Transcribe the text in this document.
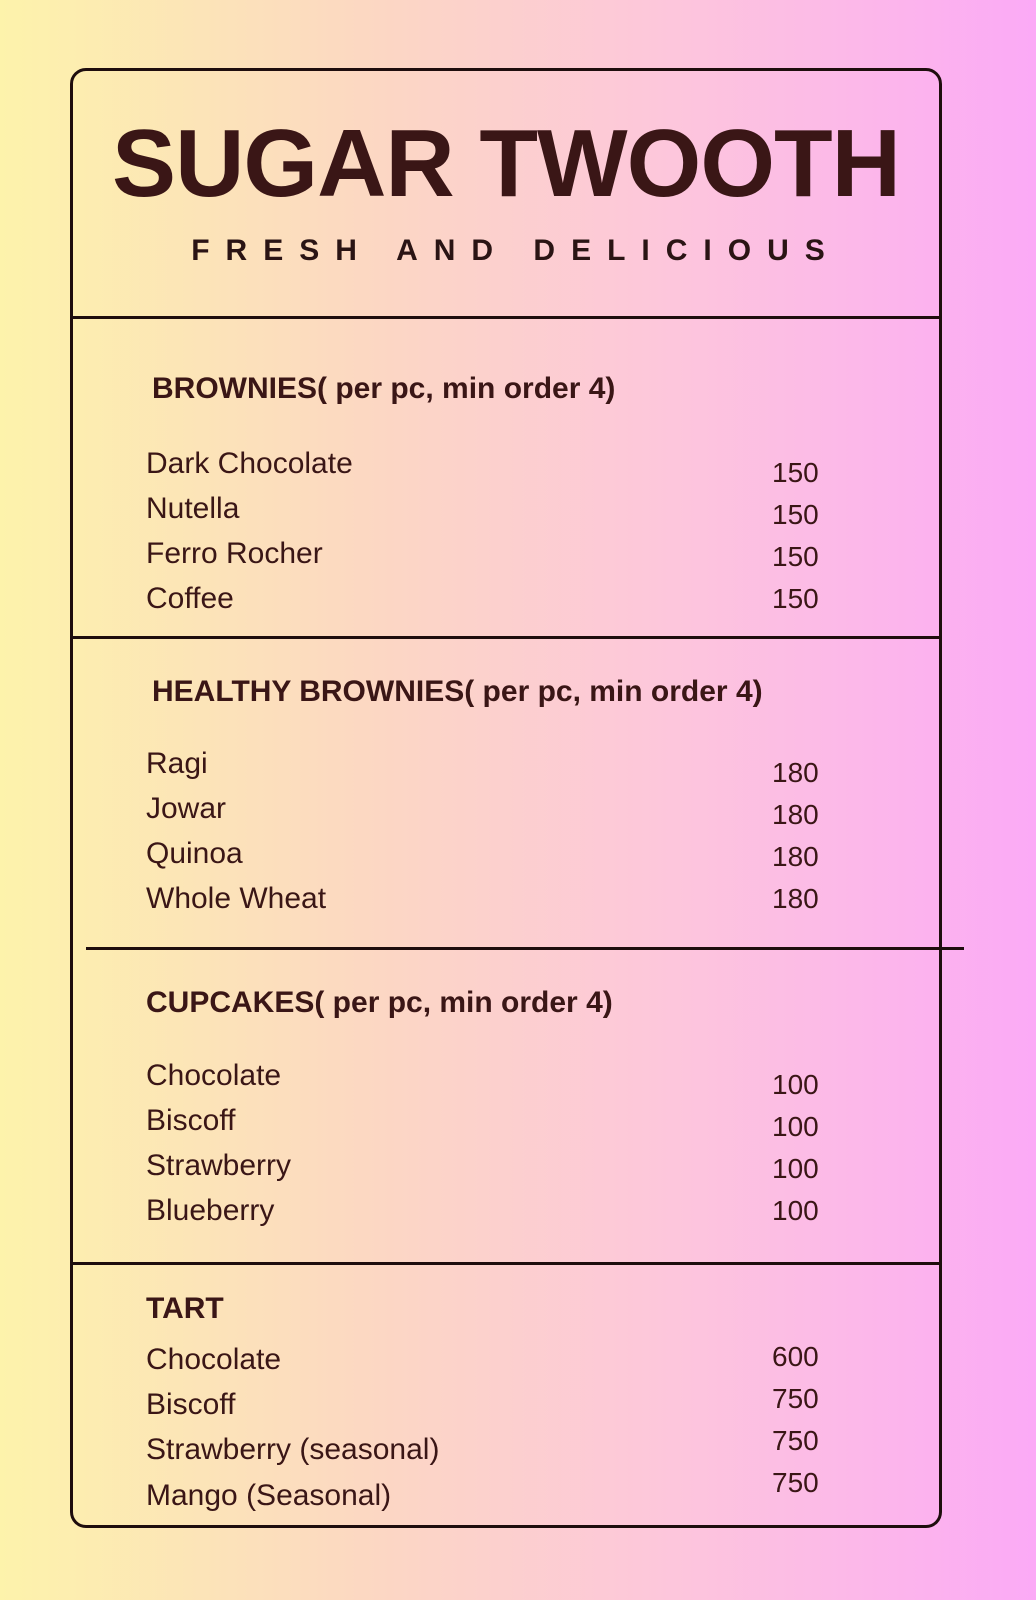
SUGAR TWOOTH
FRESH AND DELICIOUS
BROWNIES( per pc, min order 4)
Dark Chocolate	150
Nutella	150
Ferro Rocher	150
Coffee	150
HEALTHY BROWNIES( per pc, min order 4)
Ragi	180
Jowar	180
Quinoa	180
Whole Wheat	180
CUPCAKES( per pc, min order 4)
Chocolate	100
Biscoff	100
Strawberry	100
Blueberry	100
TART
Chocolate	600
Biscoff	750
Strawberry (seasonal)	750
Mango (Seasonal)	750
